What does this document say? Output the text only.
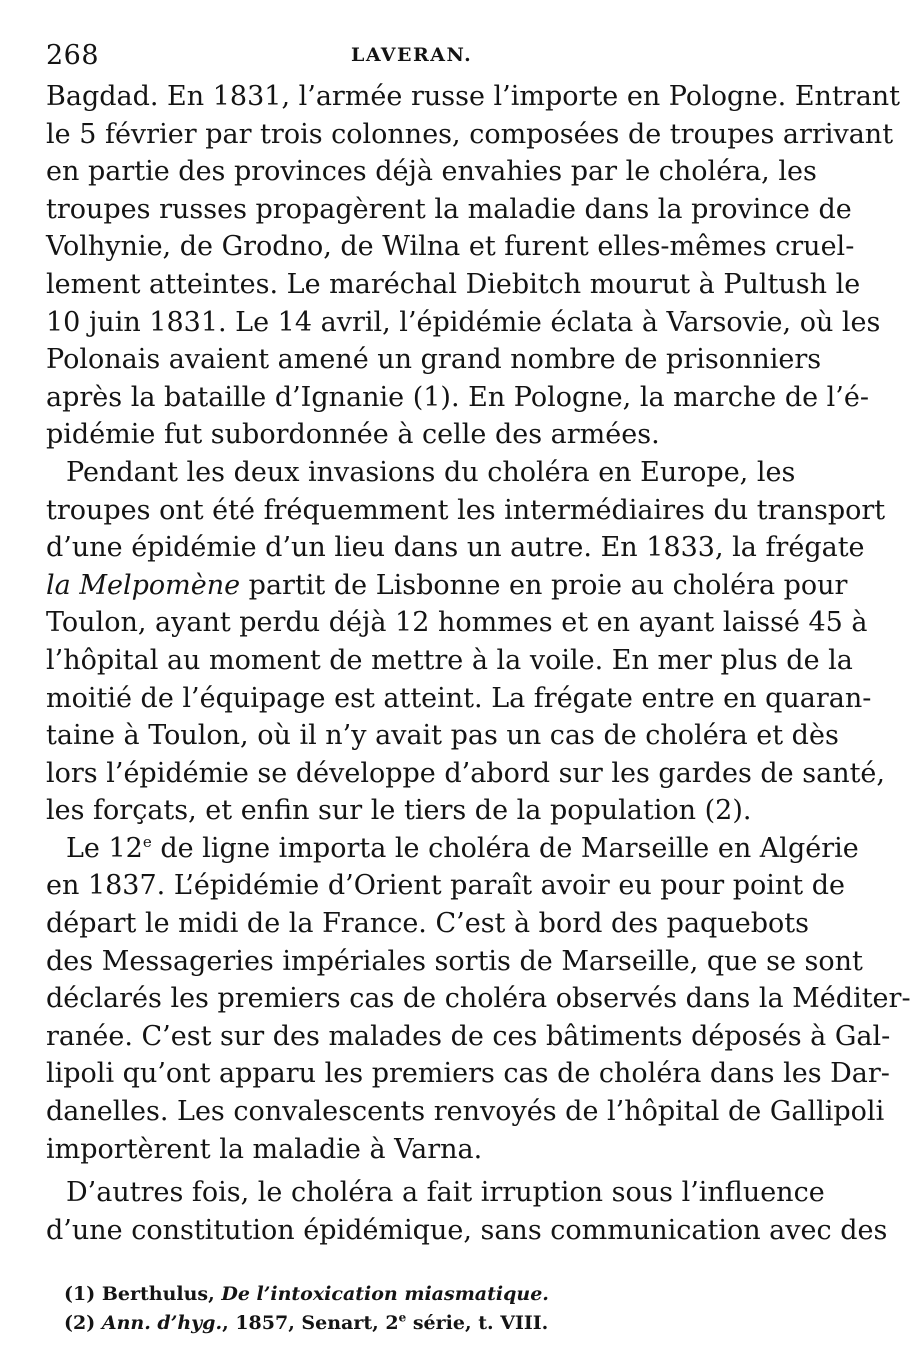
268	LAVERAN.
Bagdad. En 1831, l’armée russe l’importe en Pologne. Entrant
le 5 février par trois colonnes, composées de troupes arrivant
en partie des provinces déjà envahies par le choléra, les
troupes russes propagèrent la maladie dans la province de
Volhynie, de Grodno, de Wilna et furent elles-mêmes cruel-
lement atteintes. Le maréchal Diebitch mourut à Pultush le
10 juin 1831. Le 14 avril, l’épidémie éclata à Varsovie, où les
Polonais avaient amené un grand nombre de prisonniers
après la bataille d’Ignanie (1). En Pologne, la marche de l’é-
pidémie fut subordonnée à celle des armées.
Pendant les deux invasions du choléra en Europe, les
troupes ont été fréquemment les intermédiaires du transport
d’une épidémie d’un lieu dans un autre. En 1833, la frégate
la Melpomène partit de Lisbonne en proie au choléra pour
Toulon, ayant perdu déjà 12 hommes et en ayant laissé 45 à
l’hôpital au moment de mettre à la voile. En mer plus de la
moitié de l’équipage est atteint. La frégate entre en quaran-
taine à Toulon, où il n’y avait pas un cas de choléra et dès
lors l’épidémie se développe d’abord sur les gardes de santé,
les forçats, et enfin sur le tiers de la population (2).
Le 12e de ligne importa le choléra de Marseille en Algérie
en 1837. L’épidémie d’Orient paraît avoir eu pour point de
départ le midi de la France. C’est à bord des paquebots
des Messageries impériales sortis de Marseille, que se sont
déclarés les premiers cas de choléra observés dans la Méditer-
ranée. C’est sur des malades de ces bâtiments déposés à Gal-
lipoli qu’ont apparu les premiers cas de choléra dans les Dar-
danelles. Les convalescents renvoyés de l’hôpital de Gallipoli
importèrent la maladie à Varna.
D’autres fois, le choléra a fait irruption sous l’influence
d’une constitution épidémique, sans communication avec des
(1) Berthulus, De l’intoxication miasmatique.
(2) Ann. d’hyg., 1857, Senart, 2e série, t. VIII.
